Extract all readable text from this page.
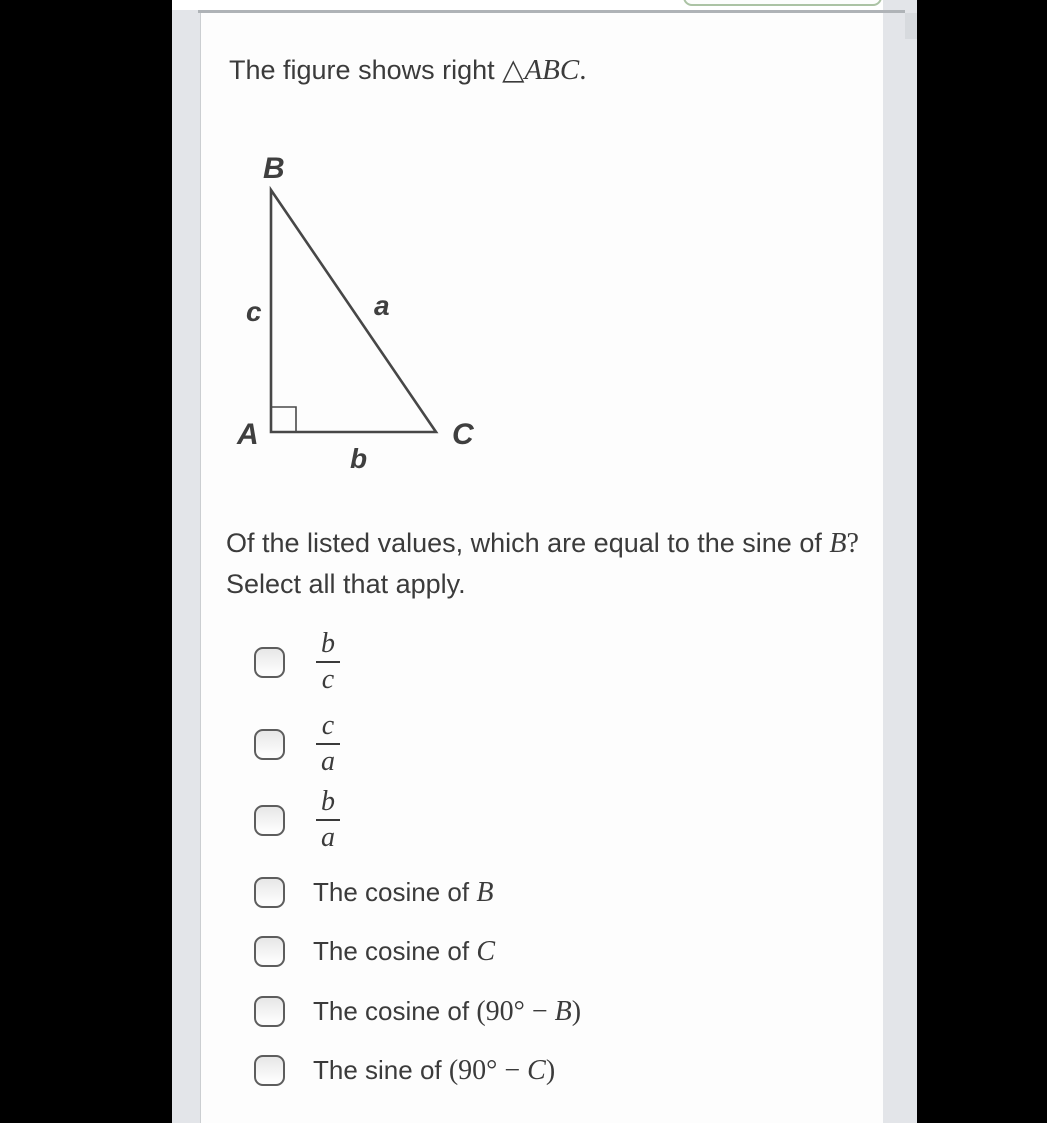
The figure shows right △ABC.
B
A	C
c	a
b
Of the listed values, which are equal to the sine of B?
Select all that apply.
$\frac{b}{c}$
$\frac{c}{a}$
$\frac{b}{a}$
The cosine of B
The cosine of C
The cosine of (90° − B)
The sine of (90° − C)
